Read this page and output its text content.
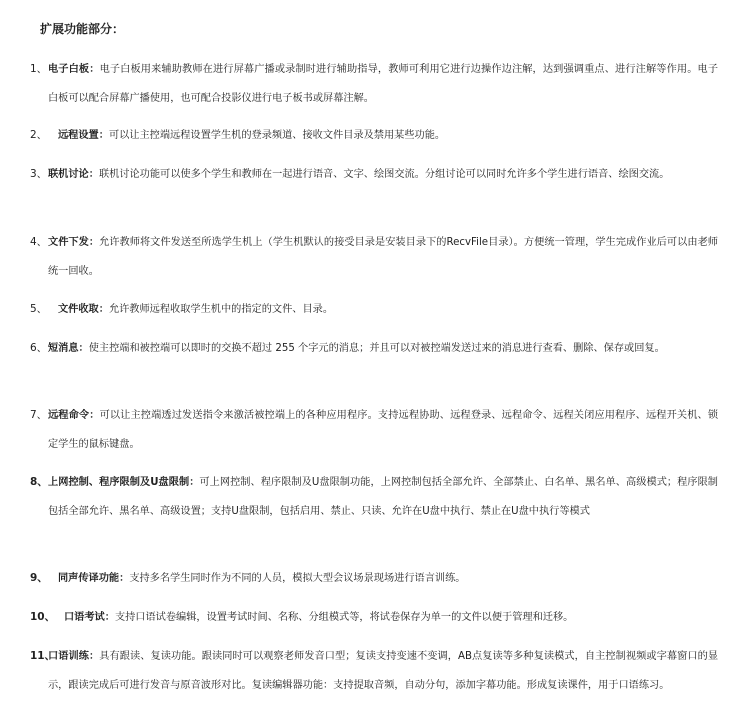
扩展功能部分：
1、 电子白板：电子白板用来辅助教师在进行屏幕广播或录制时进行辅助指导，教师可利用它进行边操作边注解，达到强调重点、进行注解等作用。电子白板可以配合屏幕广播使用，也可配合投影仪进行电子板书或屏幕注解。
2、 远程设置：可以让主控端远程设置学生机的登录频道、接收文件目录及禁用某些功能。
3、 联机讨论：联机讨论功能可以使多个学生和教师在一起进行语音、文字、绘图交流。分组讨论可以同时允许多个学生进行语音、绘图交流。
4、 文件下发：允许教师将文件发送至所选学生机上（学生机默认的接受目录是安装目录下的RecvFile目录）。方便统一管理，学生完成作业后可以由老师统一回收。
5、 文件收取：允许教师远程收取学生机中的指定的文件、目录。
6、 短消息：使主控端和被控端可以即时的交换不超过 255 个字元的消息；并且可以对被控端发送过来的消息进行查看、删除、保存或回复。
7、 远程命令：可以让主控端透过发送指令来激活被控端上的各种应用程序。支持远程协助、远程登录、远程命令、远程关闭应用程序、远程开关机、锁定学生的鼠标键盘。
8、 上网控制、程序限制及U盘限制：可上网控制、程序限制及U盘限制功能，上网控制包括全部允许、全部禁止、白名单、黑名单、高级模式；程序限制包括全部允许、黑名单、高级设置；支持U盘限制，包括启用、禁止、只读、允许在U盘中执行、禁止在U盘中执行等模式
9、 同声传译功能：支持多名学生同时作为不同的人员，模拟大型会议场景现场进行语言训练。
10、 口语考试：支持口语试卷编辑，设置考试时间、名称、分组模式等，将试卷保存为单一的文件以便于管理和迁移。
11、
口语训练：具有跟读、复读功能。跟读同时可以观察老师发音口型；复读支持变速不变调，AB点复读等多种复读模式，自主控制视频或字幕窗口的显示，跟读完成后可进行发音与原音波形对比。复读编辑器功能：支持提取音频，自动分句，添加字幕功能。形成复读课件，用于口语练习。
